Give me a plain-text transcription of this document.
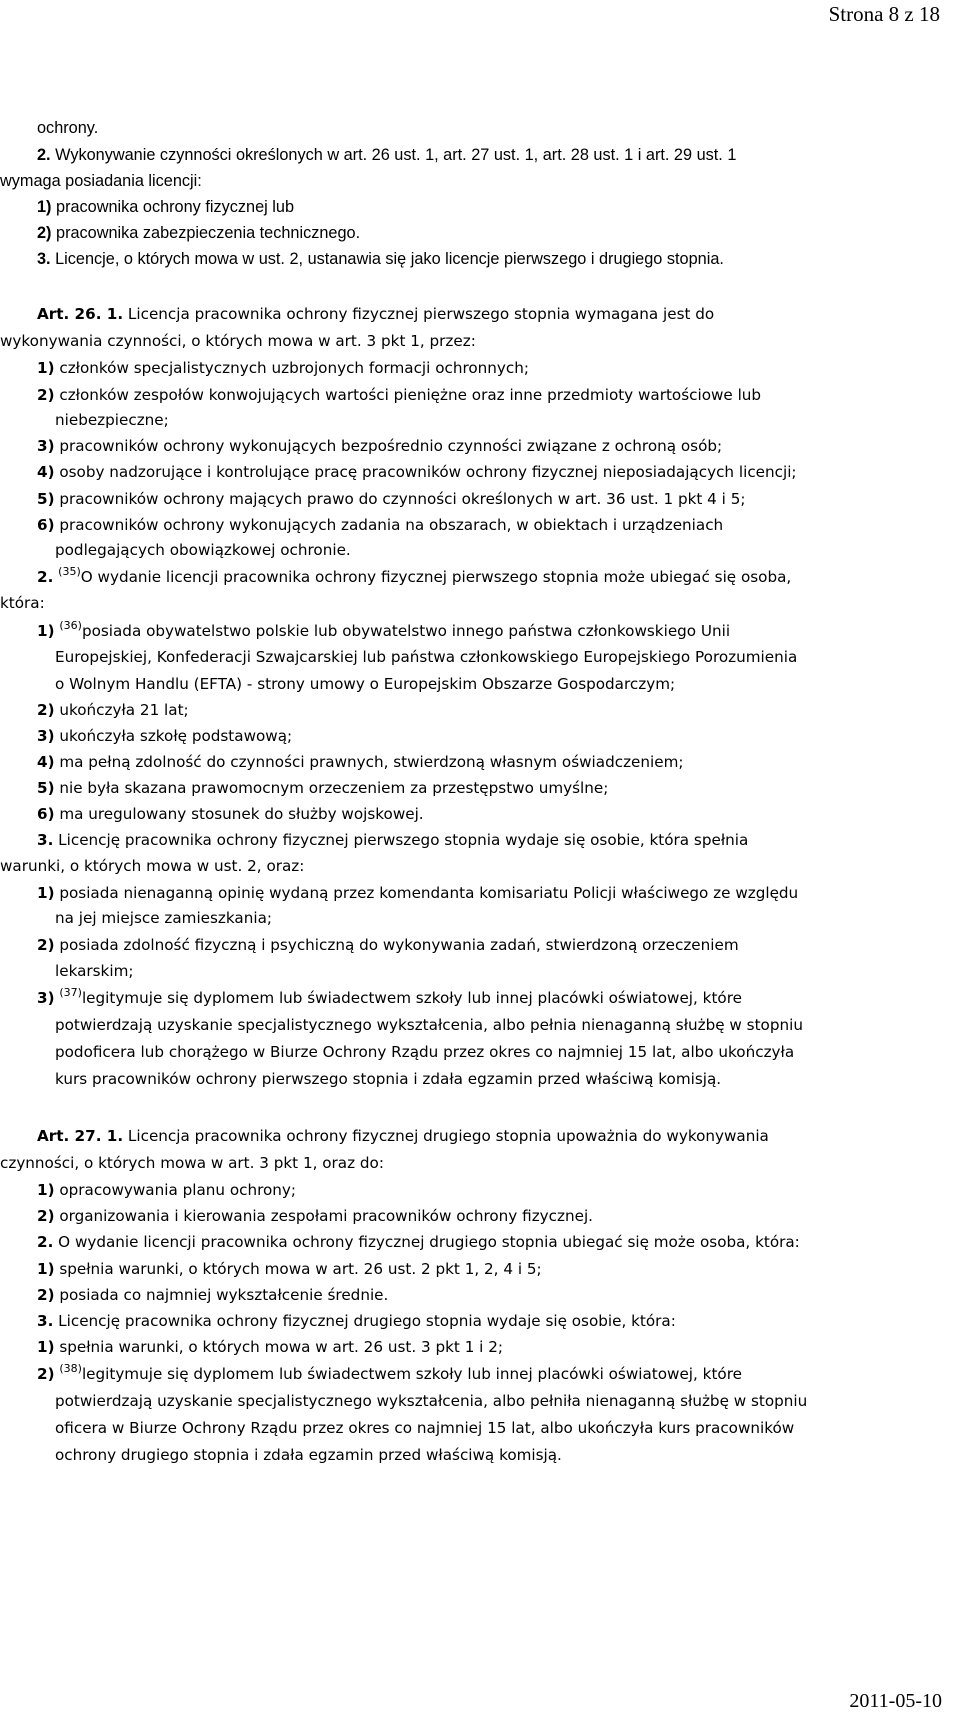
Strona 8 z 18
ochrony.
2. Wykonywanie czynności określonych w art. 26 ust. 1, art. 27 ust. 1, art. 28 ust. 1 i art. 29 ust. 1
wymaga posiadania licencji:
1) pracownika ochrony fizycznej lub
2) pracownika zabezpieczenia technicznego.
3. Licencje, o których mowa w ust. 2, ustanawia się jako licencje pierwszego i drugiego stopnia.
Art. 26. 1. Licencja pracownika ochrony fizycznej pierwszego stopnia wymagana jest do
wykonywania czynności, o których mowa w art. 3 pkt 1, przez:
1) członków specjalistycznych uzbrojonych formacji ochronnych;
2) członków zespołów konwojujących wartości pieniężne oraz inne przedmioty wartościowe lub
niebezpieczne;
3) pracowników ochrony wykonujących bezpośrednio czynności związane z ochroną osób;
4) osoby nadzorujące i kontrolujące pracę pracowników ochrony fizycznej nieposiadających licencji;
5) pracowników ochrony mających prawo do czynności określonych w art. 36 ust. 1 pkt 4 i 5;
6) pracowników ochrony wykonujących zadania na obszarach, w obiektach i urządzeniach
podlegających obowiązkowej ochronie.
2. $^{(35)}$O wydanie licencji pracownika ochrony fizycznej pierwszego stopnia może ubiegać się osoba,
która:
1) $^{(36)}$posiada obywatelstwo polskie lub obywatelstwo innego państwa członkowskiego Unii
Europejskiej, Konfederacji Szwajcarskiej lub państwa członkowskiego Europejskiego Porozumienia
o Wolnym Handlu (EFTA) - strony umowy o Europejskim Obszarze Gospodarczym;
2) ukończyła 21 lat;
3) ukończyła szkołę podstawową;
4) ma pełną zdolność do czynności prawnych, stwierdzoną własnym oświadczeniem;
5) nie była skazana prawomocnym orzeczeniem za przestępstwo umyślne;
6) ma uregulowany stosunek do służby wojskowej.
3. Licencję pracownika ochrony fizycznej pierwszego stopnia wydaje się osobie, która spełnia
warunki, o których mowa w ust. 2, oraz:
1) posiada nienaganną opinię wydaną przez komendanta komisariatu Policji właściwego ze względu
na jej miejsce zamieszkania;
2) posiada zdolność fizyczną i psychiczną do wykonywania zadań, stwierdzoną orzeczeniem
lekarskim;
3) $^{(37)}$legitymuje się dyplomem lub świadectwem szkoły lub innej placówki oświatowej, które
potwierdzają uzyskanie specjalistycznego wykształcenia, albo pełnia nienaganną służbę w stopniu
podoficera lub chorążego w Biurze Ochrony Rządu przez okres co najmniej 15 lat, albo ukończyła
kurs pracowników ochrony pierwszego stopnia i zdała egzamin przed właściwą komisją.
Art. 27. 1. Licencja pracownika ochrony fizycznej drugiego stopnia upoważnia do wykonywania
czynności, o których mowa w art. 3 pkt 1, oraz do:
1) opracowywania planu ochrony;
2) organizowania i kierowania zespołami pracowników ochrony fizycznej.
2. O wydanie licencji pracownika ochrony fizycznej drugiego stopnia ubiegać się może osoba, która:
1) spełnia warunki, o których mowa w art. 26 ust. 2 pkt 1, 2, 4 i 5;
2) posiada co najmniej wykształcenie średnie.
3. Licencję pracownika ochrony fizycznej drugiego stopnia wydaje się osobie, która:
1) spełnia warunki, o których mowa w art. 26 ust. 3 pkt 1 i 2;
2) $^{(38)}$legitymuje się dyplomem lub świadectwem szkoły lub innej placówki oświatowej, które
potwierdzają uzyskanie specjalistycznego wykształcenia, albo pełniła nienaganną służbę w stopniu
oficera w Biurze Ochrony Rządu przez okres co najmniej 15 lat, albo ukończyła kurs pracowników
ochrony drugiego stopnia i zdała egzamin przed właściwą komisją.
2011-05-10
